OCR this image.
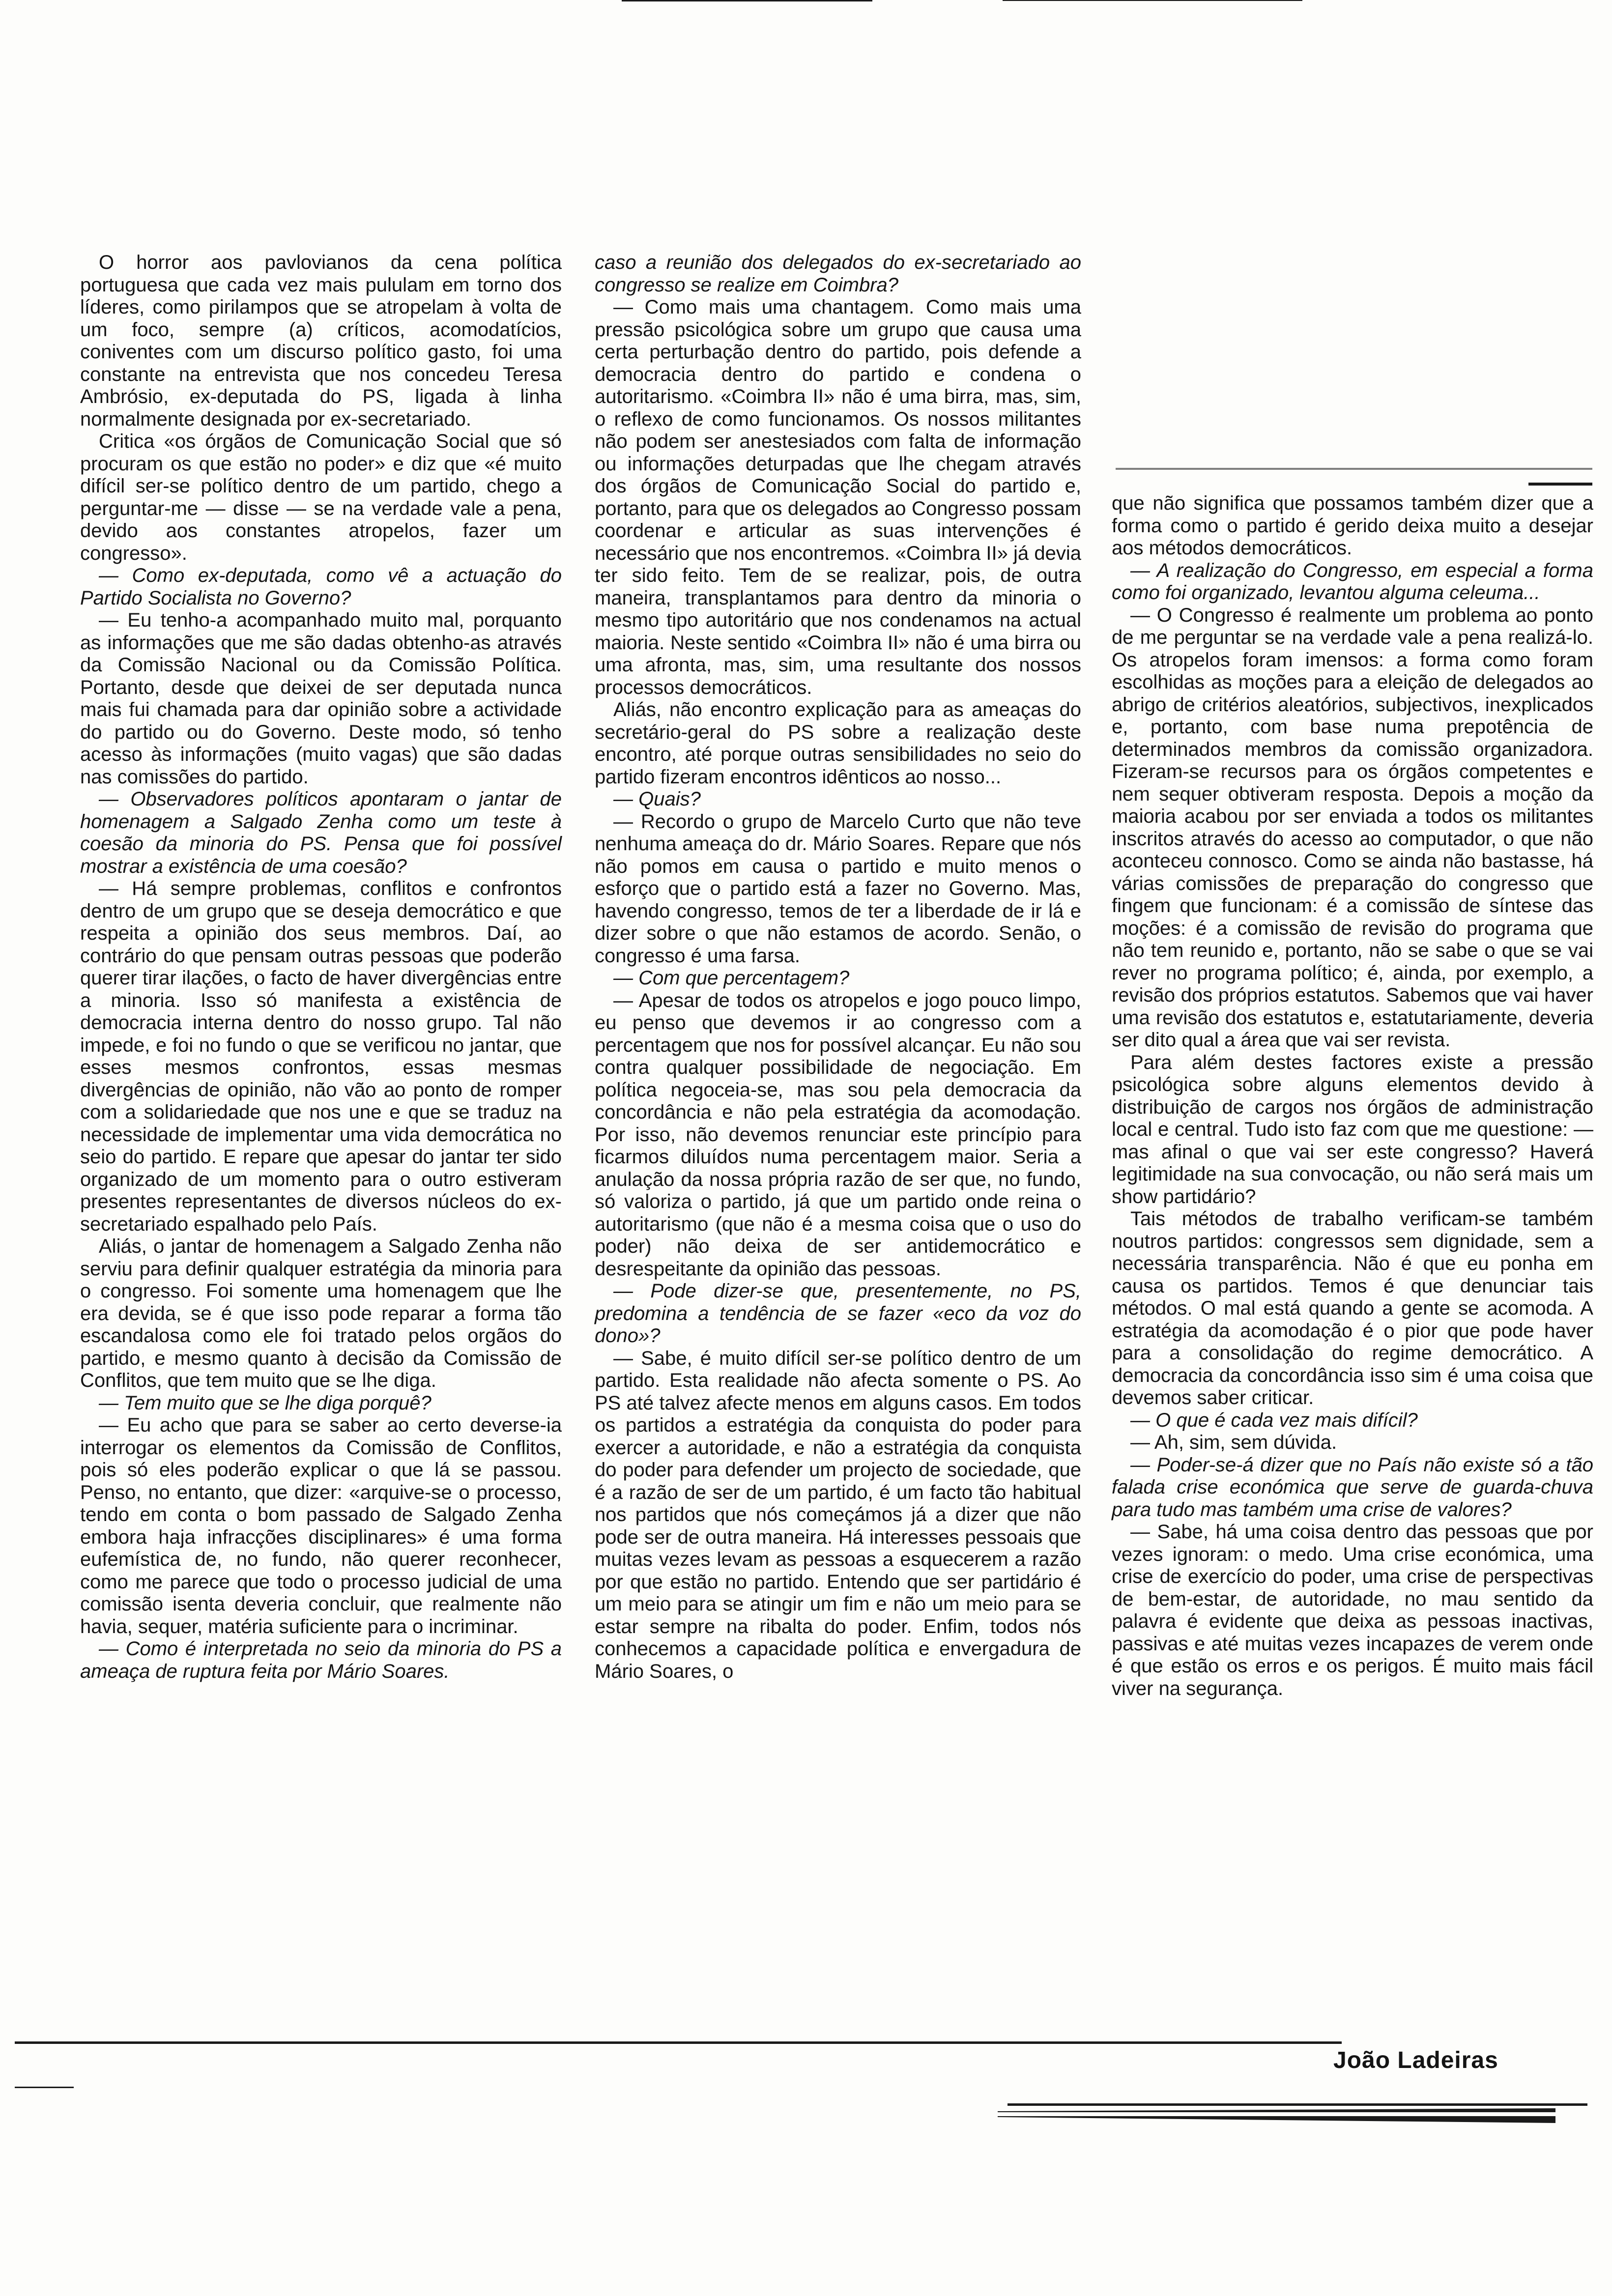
O horror aos pavlovianos da cena política portuguesa que cada vez mais pululam em torno dos líderes, como pirilampos que se atropelam à volta de um foco, sempre (a) críticos, acomodatícios, coniventes com um discurso político gasto, foi uma constante na entrevista que nos concedeu Teresa Ambrósio, ex-deputada do PS, ligada à linha normalmente designada por ex-secretariado.

Critica «os órgãos de Comunicação Social que só procuram os que estão no poder» e diz que «é muito difícil ser-se político dentro de um partido, chego a perguntar-me — disse — se na verdade vale a pena, devido aos constantes atropelos, fazer um congresso».

— Como ex-deputada, como vê a actuação do Partido Socialista no Governo?

— Eu tenho-a acompanhado muito mal, porquanto as informações que me são dadas obtenho-as através da Comissão Nacional ou da Comissão Política. Portanto, desde que deixei de ser deputada nunca mais fui chamada para dar opinião sobre a actividade do partido ou do Governo. Deste modo, só tenho acesso às informações (muito vagas) que são dadas nas comissões do partido.

— Observadores políticos apontaram o jantar de homenagem a Salgado Zenha como um teste à coesão da minoria do PS. Pensa que foi possível mostrar a existência de uma coesão?

— Há sempre problemas, conflitos e confrontos dentro de um grupo que se deseja democrático e que respeita a opinião dos seus membros. Daí, ao contrário do que pensam outras pessoas que poderão querer tirar ilações, o facto de haver divergências entre a minoria. Isso só manifesta a existência de democracia interna dentro do nosso grupo. Tal não impede, e foi no fundo o que se verificou no jantar, que esses mesmos confrontos, essas mesmas divergências de opinião, não vão ao ponto de romper com a solidariedade que nos une e que se traduz na necessidade de implementar uma vida democrática no seio do partido. E repare que apesar do jantar ter sido organizado de um momento para o outro estiveram presentes representantes de diversos núcleos do ex-secretariado espalhado pelo País.

Aliás, o jantar de homenagem a Salgado Zenha não serviu para definir qualquer estratégia da minoria para o congresso. Foi somente uma homenagem que lhe era devida, se é que isso pode reparar a forma tão escandalosa como ele foi tratado pelos orgãos do partido, e mesmo quanto à decisão da Comissão de Conflitos, que tem muito que se lhe diga.

— Tem muito que se lhe diga porquê?

— Eu acho que para se saber ao certo deverse-ia interrogar os elementos da Comissão de Conflitos, pois só eles poderão explicar o que lá se passou. Penso, no entanto, que dizer: «arquive-se o processo, tendo em conta o bom passado de Salgado Zenha embora haja infracções disciplinares» é uma forma eufemística de, no fundo, não querer reconhecer, como me parece que todo o processo judicial de uma comissão isenta deveria concluir, que realmente não havia, sequer, matéria suficiente para o incriminar.

— Como é interpretada no seio da minoria do PS a ameaça de ruptura feita por Mário Soares.

caso a reunião dos delegados do ex-secretariado ao congresso se realize em Coimbra?

— Como mais uma chantagem. Como mais uma pressão psicológica sobre um grupo que causa uma certa perturbação dentro do partido, pois defende a democracia dentro do partido e condena o autoritarismo. «Coimbra II» não é uma birra, mas, sim, o reflexo de como funcionamos. Os nossos militantes não podem ser anestesiados com falta de informação ou informações deturpadas que lhe chegam através dos órgãos de Comunicação Social do partido e, portanto, para que os delegados ao Congresso possam coordenar e articular as suas intervenções é necessário que nos encontremos. «Coimbra II» já devia ter sido feito. Tem de se realizar, pois, de outra maneira, transplantamos para dentro da minoria o mesmo tipo autoritário que nos condenamos na actual maioria. Neste sentido «Coimbra II» não é uma birra ou uma afronta, mas, sim, uma resultante dos nossos processos democráticos.

Aliás, não encontro explicação para as ameaças do secretário-geral do PS sobre a realização deste encontro, até porque outras sensibilidades no seio do partido fizeram encontros idênticos ao nosso...

— Quais?

— Recordo o grupo de Marcelo Curto que não teve nenhuma ameaça do dr. Mário Soares. Repare que nós não pomos em causa o partido e muito menos o esforço que o partido está a fazer no Governo. Mas, havendo congresso, temos de ter a liberdade de ir lá e dizer sobre o que não estamos de acordo. Senão, o congresso é uma farsa.

— Com que percentagem?

— Apesar de todos os atropelos e jogo pouco limpo, eu penso que devemos ir ao congresso com a percentagem que nos for possível alcançar. Eu não sou contra qualquer possibilidade de negociação. Em política negoceia-se, mas sou pela democracia da concordância e não pela estratégia da acomodação. Por isso, não devemos renunciar este princípio para ficarmos diluídos numa percentagem maior. Seria a anulação da nossa própria razão de ser que, no fundo, só valoriza o partido, já que um partido onde reina o autoritarismo (que não é a mesma coisa que o uso do poder) não deixa de ser antidemocrático e desrespeitante da opinião das pessoas.

— Pode dizer-se que, presentemente, no PS, predomina a tendência de se fazer «eco da voz do dono»?

— Sabe, é muito difícil ser-se político dentro de um partido. Esta realidade não afecta somente o PS. Ao PS até talvez afecte menos em alguns casos. Em todos os partidos a estratégia da conquista do poder para exercer a autoridade, e não a estratégia da conquista do poder para defender um projecto de sociedade, que é a razão de ser de um partido, é um facto tão habitual nos partidos que nós começámos já a dizer que não pode ser de outra maneira. Há interesses pessoais que muitas vezes levam as pessoas a esquecerem a razão por que estão no partido. Entendo que ser partidário é um meio para se atingir um fim e não um meio para se estar sempre na ribalta do poder. Enfim, todos nós conhecemos a capacidade política e envergadura de Mário Soares, o

que não significa que possamos também dizer que a forma como o partido é gerido deixa muito a desejar aos métodos democráticos.

— A realização do Congresso, em especial a forma como foi organizado, levantou alguma celeuma...

— O Congresso é realmente um problema ao ponto de me perguntar se na verdade vale a pena realizá-lo. Os atropelos foram imensos: a forma como foram escolhidas as moções para a eleição de delegados ao abrigo de critérios aleatórios, subjectivos, inexplicados e, portanto, com base numa prepotência de determinados membros da comissão organizadora. Fizeram-se recursos para os órgãos competentes e nem sequer obtiveram resposta. Depois a moção da maioria acabou por ser enviada a todos os militantes inscritos através do acesso ao computador, o que não aconteceu connosco. Como se ainda não bastasse, há várias comissões de preparação do congresso que fingem que funcionam: é a comissão de síntese das moções: é a comissão de revisão do programa que não tem reunido e, portanto, não se sabe o que se vai rever no programa político; é, ainda, por exemplo, a revisão dos próprios estatutos. Sabemos que vai haver uma revisão dos estatutos e, estatutariamente, deveria ser dito qual a área que vai ser revista.

Para além destes factores existe a pressão psicológica sobre alguns elementos devido à distribuição de cargos nos órgãos de administração local e central. Tudo isto faz com que me questione: — mas afinal o que vai ser este congresso? Haverá legitimidade na sua convocação, ou não será mais um show partidário?

Tais métodos de trabalho verificam-se também noutros partidos: congressos sem dignidade, sem a necessária transparência. Não é que eu ponha em causa os partidos. Temos é que denunciar tais métodos. O mal está quando a gente se acomoda. A estratégia da acomodação é o pior que pode haver para a consolidação do regime democrático. A democracia da concordância isso sim é uma coisa que devemos saber criticar.

— O que é cada vez mais difícil?

— Ah, sim, sem dúvida.

— Poder-se-á dizer que no País não existe só a tão falada crise económica que serve de guarda-chuva para tudo mas também uma crise de valores?

— Sabe, há uma coisa dentro das pessoas que por vezes ignoram: o medo. Uma crise económica, uma crise de exercício do poder, uma crise de perspectivas de bem-estar, de autoridade, no mau sentido da palavra é evidente que deixa as pessoas inactivas, passivas e até muitas vezes incapazes de verem onde é que estão os erros e os perigos. É muito mais fácil viver na segurança.

João Ladeiras
